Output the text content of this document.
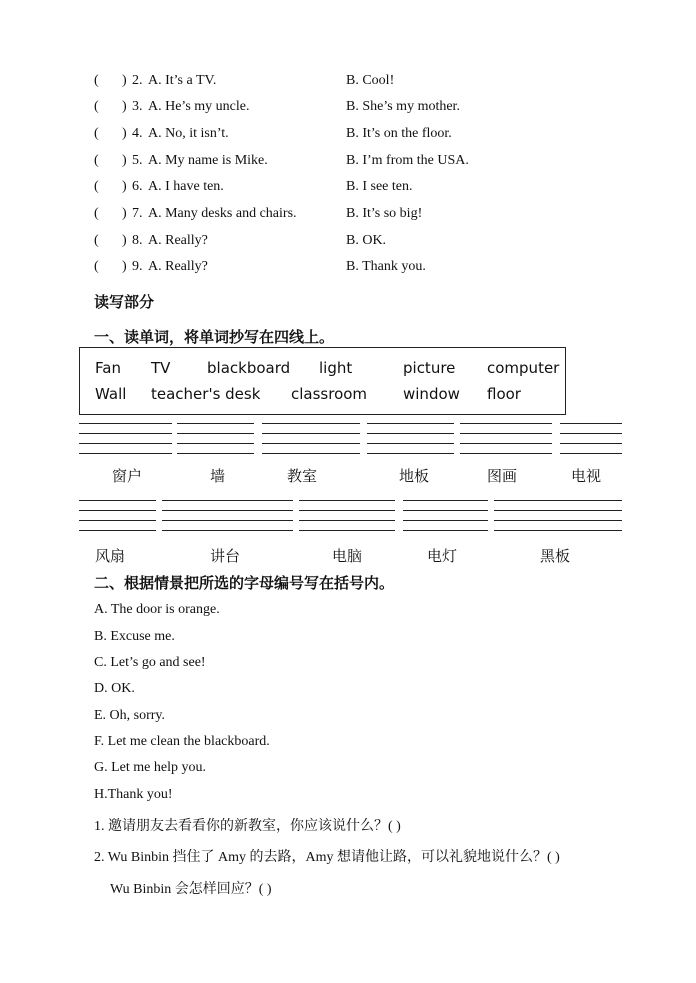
( ) 2. A. It’s a TV.	B. Cool!
( ) 3. A. He’s my uncle.	B. She’s my mother.
( ) 4. A. No, it isn’t.	B. It’s on the floor.
( ) 5. A. My name is Mike.	B. I’m from the USA.
( ) 6. A. I have ten.	B. I see ten.
( ) 7. A. Many desks and chairs.	B. It’s so big!
( ) 8. A. Really?	B. OK.
( ) 9. A. Really?	B. Thank you.
读写部分
一、读单词，将单词抄写在四线上。
Fan TV blackboard light	picture computer
Wall teacher's desk classroom window floor
窗户	墙	教室	地板	图画	电视
风扇	讲台	电脑	电灯	黑板
二、根据情景把所选的字母编号写在括号内。
A. The door is orange.
B. Excuse me.
C. Let’s go and see!
D. OK.
E. Oh, sorry.
F. Let me clean the blackboard.
G. Let me help you.
H.Thank you!
1. 邀请朋友去看看你的新教室，你应该说什么？( )
2. Wu Binbin 挡住了 Amy 的去路，Amy 想请他让路，可以礼貌地说什么？( )
Wu Binbin 会怎样回应？( )
